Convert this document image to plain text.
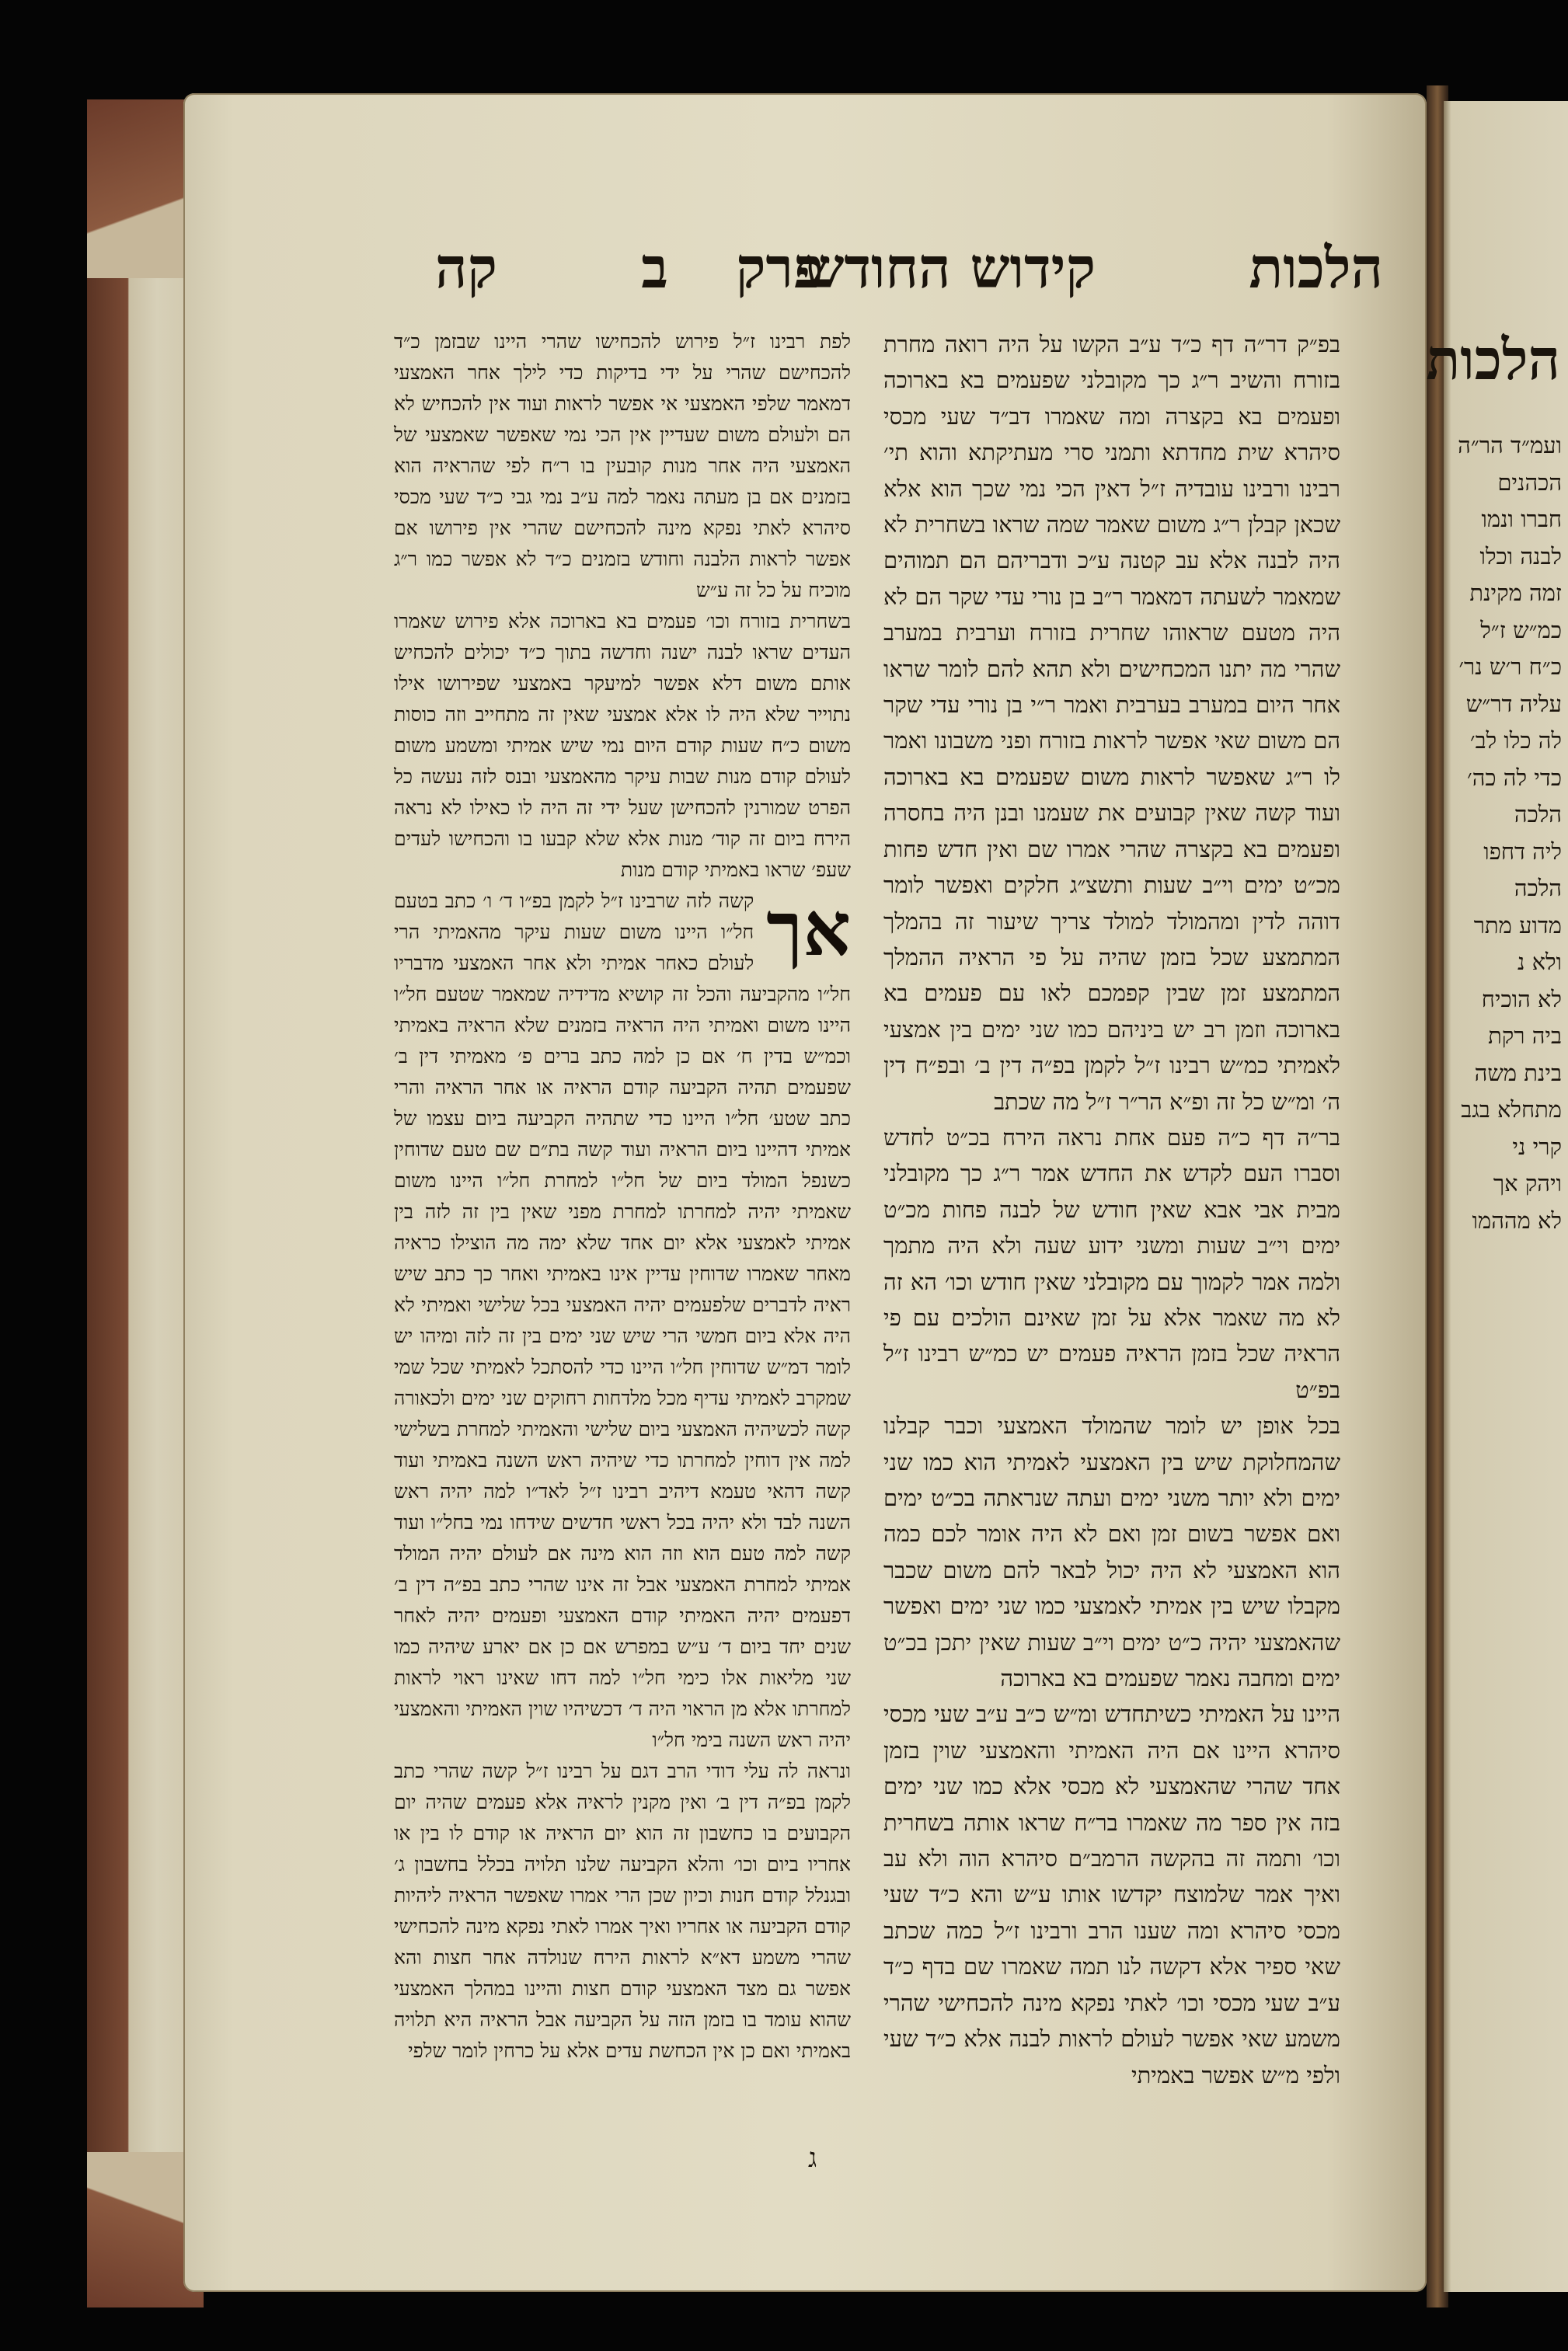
הלכות
קידוש החודש
פרק
ב
קה

בפ״ק דר״ה דף כ״ד ע״ב הקשו על היה רואה מחרת בזורח והשיב ר״ג כך מקובלני שפעמים בא בארוכה ופעמים בא בקצרה ומה שאמרו דב״ד שעי מכסי סיהרא שית מחדתא ותמני סרי מעתיקתא והוא תי׳ רבינו ורבינו עובדיה ז״ל דאין הכי נמי שכך הוא אלא שכאן קבלן ר״ג משום שאמר שמה שראו בשחרית לא היה לבנה אלא עב קטנה ע״כ ודבריהם הם תמוהים שמאמר לשעתה דמאמר ר״ב בן נורי עדי שקר הם לא היה מטעם שראוהו שחרית בזורח וערבית במערב שהרי מה יתנו המכחישים ולא תהא להם לומר שראו אחר היום במערב בערבית ואמר ר״י בן נורי עדי שקר הם משום שאי אפשר לראות בזורח ופני משבונו ואמר לו ר״ג שאפשר לראות משום שפעמים בא בארוכה ועוד קשה שאין קבועים את שעמנו ובנן היה בחסרה ופעמים בא בקצרה שהרי אמרו שם ואין חדש פחות מכ״ט ימים וי״ב שעות ותשצ״ג חלקים ואפשר לומר דוהה לדין ומהמולד למולד צריך שיעור זה בהמלך המתמצע שכל בזמן שהיה על פי הראיה ההמלך המתמצע זמן שבין קפמכם לאו עם פעמים בא בארוכה וזמן רב יש ביניהם כמו שני ימים בין אמצעי לאמיתי כמ״ש רבינו ז״ל לקמן בפ״ה דין ב׳ ובפ״ח דין ה׳ ומ״ש כל זה ופ״א הר״ר ז״ל מה שכתב

בר״ה דף כ״ה פעם אחת נראה הירח בכ״ט לחדש וסברו העם לקדש את החדש אמר ר״ג כך מקובלני מבית אבי אבא שאין חודש של לבנה פחות מכ״ט ימים וי״ב שעות ומשני ידוע שעה ולא היה מתמך ולמה אמר לקמוך עם מקובלני שאין חודש וכו׳ הא זה לא מה שאמר אלא על זמן שאינם הולכים עם פי הראיה שכל בזמן הראיה פעמים יש כמ״ש רבינו ז״ל בפ״ט

בכל אופן יש לומר שהמולד האמצעי וכבר קבלנו שהמחלוקת שיש בין האמצעי לאמיתי הוא כמו שני ימים ולא יותר משני ימים ועתה שנראתה בכ״ט ימים ואם אפשר בשום זמן ואם לא היה אומר לכם כמה הוא האמצעי לא היה יכול לבאר להם משום שכבר מקבלו שיש בין אמיתי לאמצעי כמו שני ימים ואפשר שהאמצעי יהיה כ״ט ימים וי״ב שעות שאין יתכן בכ״ט ימים ומחבה נאמר שפעמים בא בארוכה

היינו על האמיתי כשיתחדש ומ״ש כ״ב ע״ב שעי מכסי סיהרא היינו אם היה האמיתי והאמצעי שוין בזמן אחד שהרי שהאמצעי לא מכסי אלא כמו שני ימים בזה אין ספר מה שאמרו בר״ח שראו אותה בשחרית וכו׳ ותמה זה בהקשה הרמב״ם סיהרא הוה ולא עב ואיך אמר שלמוצח יקדשו אותו ע״ש והא כ״ד שעי מכסי סיהרא ומה שענו הרב ורבינו ז״ל כמה שכתב שאי ספיר אלא דקשה לנו תמה שאמרו שם בדף כ״ד ע״ב שעי מכסי וכו׳ לאתי נפקא מינה להכחישי שהרי משמע שאי אפשר לעולם לראות לבנה אלא כ״ד שעי ולפי מ״ש אפשר באמיתי

לפת רבינו ז״ל פירוש להכחישו שהרי היינו שבזמן כ״ד להכחישם שהרי על ידי בדיקות כדי לילך אחר האמצעי דמאמר שלפי האמצעי אי אפשר לראות ועוד אין להכחיש לא הם ולעולם משום שעדיין אין הכי נמי שאפשר שאמצעי של האמצעי היה אחר מנות קובעין בו ר״ח לפי שהראיה הוא בזמנים אם בן מעתה נאמר למה ע״ב נמי גבי כ״ד שעי מכסי סיהרא לאתי נפקא מינה להכחישם שהרי אין פירושו אם אפשר לראות הלבנה וחודש בזמנים כ״ד לא אפשר כמו ר״ג מוכיח על כל זה ע״ש

בשחרית בזורח וכו׳ פעמים בא בארוכה אלא פירוש שאמרו העדים שראו לבנה ישנה וחדשה בתוך כ״ד יכולים להכחיש אותם משום דלא אפשר למיעקר באמצעי שפירושו אילו נתוייר שלא היה לו אלא אמצעי שאין זה מתחייב וזה כוסות משום כ״ח שעות קודם היום נמי שיש אמיתי ומשמע משום לעולם קודם מנות שבות עיקר מהאמצעי ובנס לזה נעשה כל הפרט שמורנין להכחישן שעל ידי זה היה לו כאילו לא נראה הירח ביום זה קוד׳ מנות אלא שלא קבעו בו והכחישו לעדים שעפ׳ שראו באמיתי קודם מנות

אך
קשה לזה שרבינו ז״ל לקמן בפ״ו ד׳ ו׳ כתב בטעם חל״ו היינו משום שעות עיקר מהאמיתי הרי לעולם כאחר אמיתי ולא אחר האמצעי מדבריו חל״ו מהקביעה והכל זה קושיא מדידיה שמאמר שטעם חל״ו היינו משום ואמיתי היה הראיה בזמנים שלא הראיה באמיתי וכמ״ש בדין ח׳ אם כן למה כתב ברים פ׳ מאמיתי דין ב׳ שפעמים תהיה הקביעה קודם הראיה או אחר הראיה והרי כתב שטע׳ חל״ו היינו כדי שתהיה הקביעה ביום עצמו של אמיתי דהיינו ביום הראיה ועוד קשה בת״ם שם טעם שדוחין כשנפל המולד ביום של חל״ו למחרת חל״ו היינו משום שאמיתי יהיה למחרתו למחרת מפני שאין בין זה לזה בין אמיתי לאמצעי אלא יום אחד שלא ימה מה הוצילו כראיה מאחר שאמרו שדוחין עדיין אינו באמיתי ואחר כך כתב שיש ראיה לדברים שלפעמים יהיה האמצעי בכל שלישי ואמיתי לא היה אלא ביום חמשי הרי שיש שני ימים בין זה לזה ומיהו יש לומר דמ״ש שדוחין חל״ו היינו כדי להסתכל לאמיתי שכל שמי שמקרב לאמיתי עדיף מכל מלדחות רחוקים שני ימים ולכאורה קשה לכשיהיה האמצעי ביום שלישי והאמיתי למחרת בשלישי למה אין דוחין למחרתו כדי שיהיה ראש השנה באמיתי ועוד קשה דהאי טעמא דיהיב רבינו ז״ל לאד״ו למה יהיה ראש השנה לבד ולא יהיה בכל ראשי חדשים שידחו נמי בחל״ו ועוד קשה למה טעם הוא וזה הוא מינה אם לעולם יהיה המולד אמיתי למחרת האמצעי אבל זה אינו שהרי כתב בפ״ה דין ב׳ דפעמים יהיה האמיתי קודם האמצעי ופעמים יהיה לאחר שנים יחד ביום ד׳ ע״ש במפרש אם כן אם יארע שיהיה כמו שני מליאות אלו כימי חל״ו למה דחו שאינו ראוי לראות למחרתו אלא מן הראוי היה ד׳ דכשיהיו שוין האמיתי והאמצעי יהיה ראש השנה בימי חל״ו

ונראה לה עלי דודי הרב דגם על רבינו ז״ל קשה שהרי כתב לקמן בפ״ה דין ב׳ ואין מקנין לראיה אלא פעמים שהיה יום הקבועים בו כחשבון זה הוא יום הראיה או קודם לו בין או אחריו ביום וכו׳ והלא הקביעה שלנו תלויה בכלל בחשבון ג׳ ובגנלל קודם חנות וכיון שכן הרי אמרו שאפשר הראיה ליהיות קודם הקביעה או אחריו ואיך אמרו לאתי נפקא מינה להכחישי שהרי משמע דא״א לראות הירח שנולדה אחר חצות והא אפשר גם מצד האמצעי קודם חצות והיינו במהלך האמצעי שהוא עומד בו בזמן הזה על הקביעה אבל הראיה היא תלויה באמיתי ואם כן אין הכחשת עדים אלא על כרחין לומר שלפי

ג
הלכות
ועמ״ד הר״ה
הכהנים
חברו ונמו
לבנה וכלו
זמה מקינת
כמ״ש ז״ל
כ״ח ר׳ש נר׳
עליה דר״ש
לה כלו לב׳
כדי לה כה׳
הלכה
ליה דחפו
הלכה
מדוע מתר
ולא נ
לא הוכיח
ביה רקת
בינת משה
מתחלא בגב
קרי ני
ויהק אך
לא מההמו
